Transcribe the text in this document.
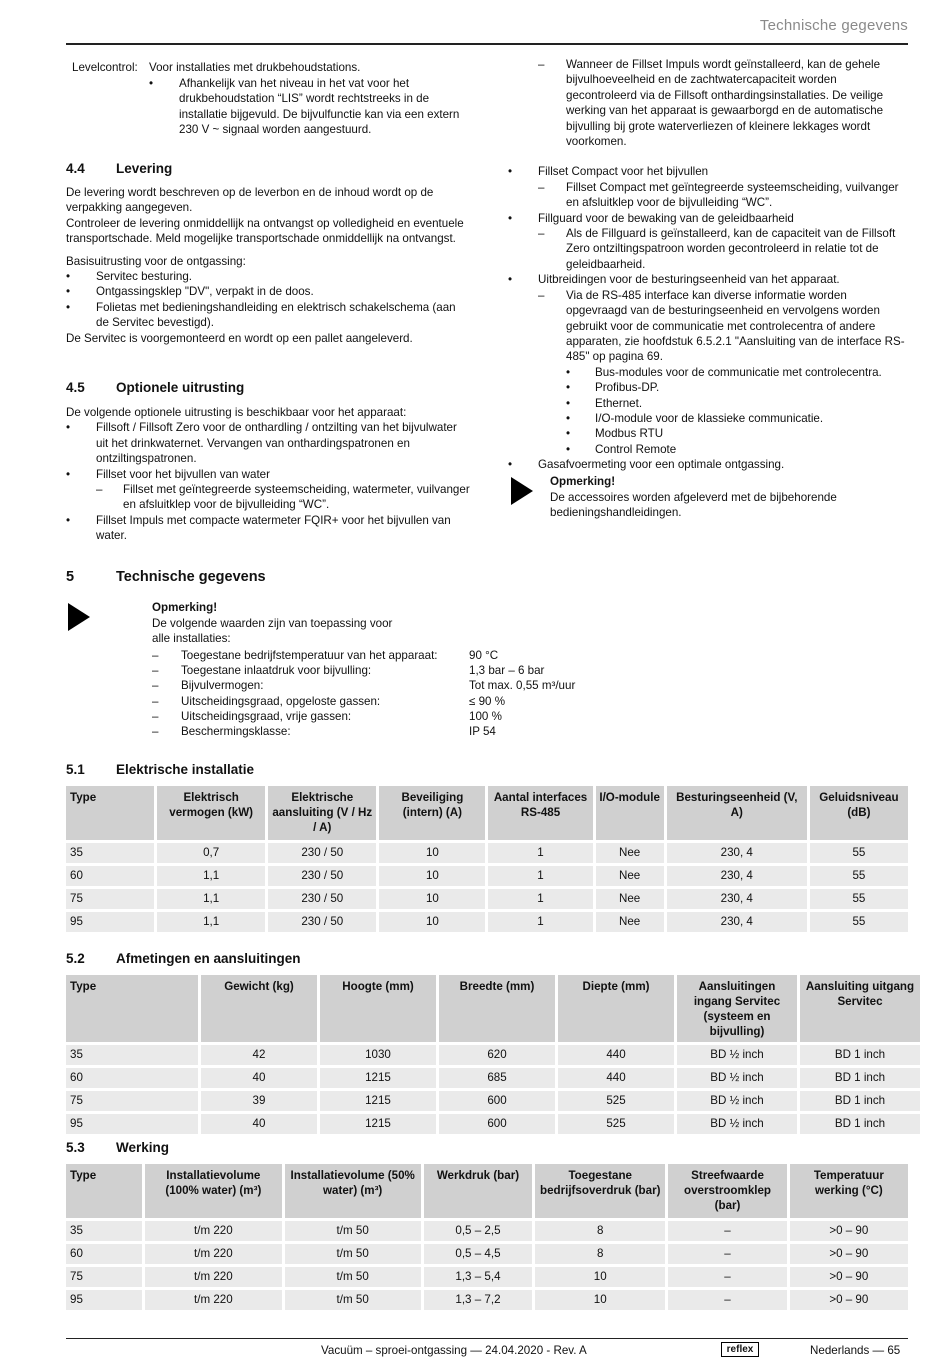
Technische gegevens
Levelcontrol: Voor installaties met drukbehoudstations.
• Afhankelijk van het niveau in het vat voor het drukbehoudstation “LIS” wordt rechtstreeks in de installatie bijgevuld. De bijvulfunctie kan via een extern 230 V ~ signaal worden aangestuurd.
4.4 Levering

De levering wordt beschreven op de leverbon en de inhoud wordt op de verpakking aangegeven.

Controleer de levering onmiddellijk na ontvangst op volledigheid en eventuele transportschade. Meld mogelijke transportschade onmiddellijk na ontvangst.

Basisuitrusting voor de ontgassing:

• Servitec besturing.
• Ontgassingsklep "DV", verpakt in de doos.
• Folietas met bedieningshandleiding en elektrisch schakelschema (aan de Servitec bevestigd).

De Servitec is voorgemonteerd en wordt op een pallet aangeleverd.

4.5 Optionele uitrusting

De volgende optionele uitrusting is beschikbaar voor het apparaat:

• Fillsoft / Fillsoft Zero voor de onthardling / ontzilting van het bijvulwater uit het drinkwaternet. Vervangen van onthardingspatronen en ontziltingspatronen.
• Fillset voor het bijvullen van water
– Fillset met geïntegreerde systeemscheiding, watermeter, vuilvanger en afsluitklep voor de bijvulleiding “WC”.
• Fillset Impuls met compacte watermeter FQIR+ voor het bijvullen van water.
– Wanneer de Fillset Impuls wordt geïnstalleerd, kan de gehele bijvulhoeveelheid en de zachtwatercapaciteit worden gecontroleerd via de Fillsoft onthardingsinstallaties. De veilige werking van het apparaat is gewaarborgd en de automatische bijvulling bij grote waterverliezen of kleinere lekkages wordt voorkomen.
• Fillset Compact voor het bijvullen
– Fillset Compact met geïntegreerde systeemscheiding, vuilvanger en afsluitklep voor de bijvulleiding “WC”.
• Fillguard voor de bewaking van de geleidbaarheid
– Als de Fillguard is geïnstalleerd, kan de capaciteit van de Fillsoft Zero ontziltingspatroon worden gecontroleerd in relatie tot de geleidbaarheid.
• Uitbreidingen voor de besturingseenheid van het apparaat.
– Via de RS-485 interface kan diverse informatie worden opgevraagd van de besturingseenheid en vervolgens worden gebruikt voor de communicatie met controlecentra of andere apparaten, zie hoofdstuk 6.5.2.1 "Aansluiting van de interface RS-485" op pagina 69.
• Bus-modules voor de communicatie met controlecentra.
• Profibus-DP.
• Ethernet.
• I/O-module voor de klassieke communicatie.
• Modbus RTU
• Control Remote
• Gasafvoermeting voor een optimale ontgassing.
Opmerking!
De accessoires worden afgeleverd met de bijbehorende bedieningshandleidingen.
5	Technische gegevens
Opmerking!
De volgende waarden zijn van toepassing voor alle installaties:
– Toegestane bedrijfstemperatuur van het apparaat:	90 °C
– Toegestane inlaatdruk voor bijvulling:	1,3 bar – 6 bar
– Bijvulvermogen:	Tot max. 0,55 m³/uur
– Uitscheidingsgraad, opgeloste gassen:	≤ 90 %
– Uitscheidingsgraad, vrije gassen:	100 %
– Beschermingsklasse:	IP 54
5.1 Elektrische installatie
Type	Elektrisch vermogen (kW)	Elektrische aansluiting (V / Hz / A)	Beveiliging (intern) (A)	Aantal interfaces RS-485	I/O-module	Besturingseenheid (V, A)	Geluidsniveau (dB)
35	0,7	230 / 50	10	1	Nee	230, 4	55
60	1,1	230 / 50	10	1	Nee	230, 4	55
75	1,1	230 / 50	10	1	Nee	230, 4	55
95	1,1	230 / 50	10	1	Nee	230, 4	55
5.2 Afmetingen en aansluitingen
Type	Gewicht (kg)	Hoogte (mm)	Breedte (mm)	Diepte (mm)	Aansluitingen ingang Servitec (systeem en bijvulling)	Aansluiting uitgang Servitec
35	42	1030	620	440	BD ½ inch	BD 1 inch
60	40	1215	685	440	BD ½ inch	BD 1 inch
75	39	1215	600	525	BD ½ inch	BD 1 inch
95	40	1215	600	525	BD ½ inch	BD 1 inch
5.3 Werking
Type	Installatievolume (100% water) (m³)	Installatievolume (50% water) (m³)	Werkdruk (bar)	Toegestane bedrijfsoverdruk (bar)	Streefwaarde overstroomklep (bar)	Temperatuur werking (°C)
35	t/m 220	t/m 50	0,5 – 2,5	8	–	>0 – 90
60	t/m 220	t/m 50	0,5 – 4,5	8	–	>0 – 90
75	t/m 220	t/m 50	1,3 – 5,4	10	–	>0 – 90
95	t/m 220	t/m 50	1,3 – 7,2	10	–	>0 – 90
Vacuüm – sproei-ontgassing — 24.04.2020 - Rev. A	reflex	Nederlands — 65
